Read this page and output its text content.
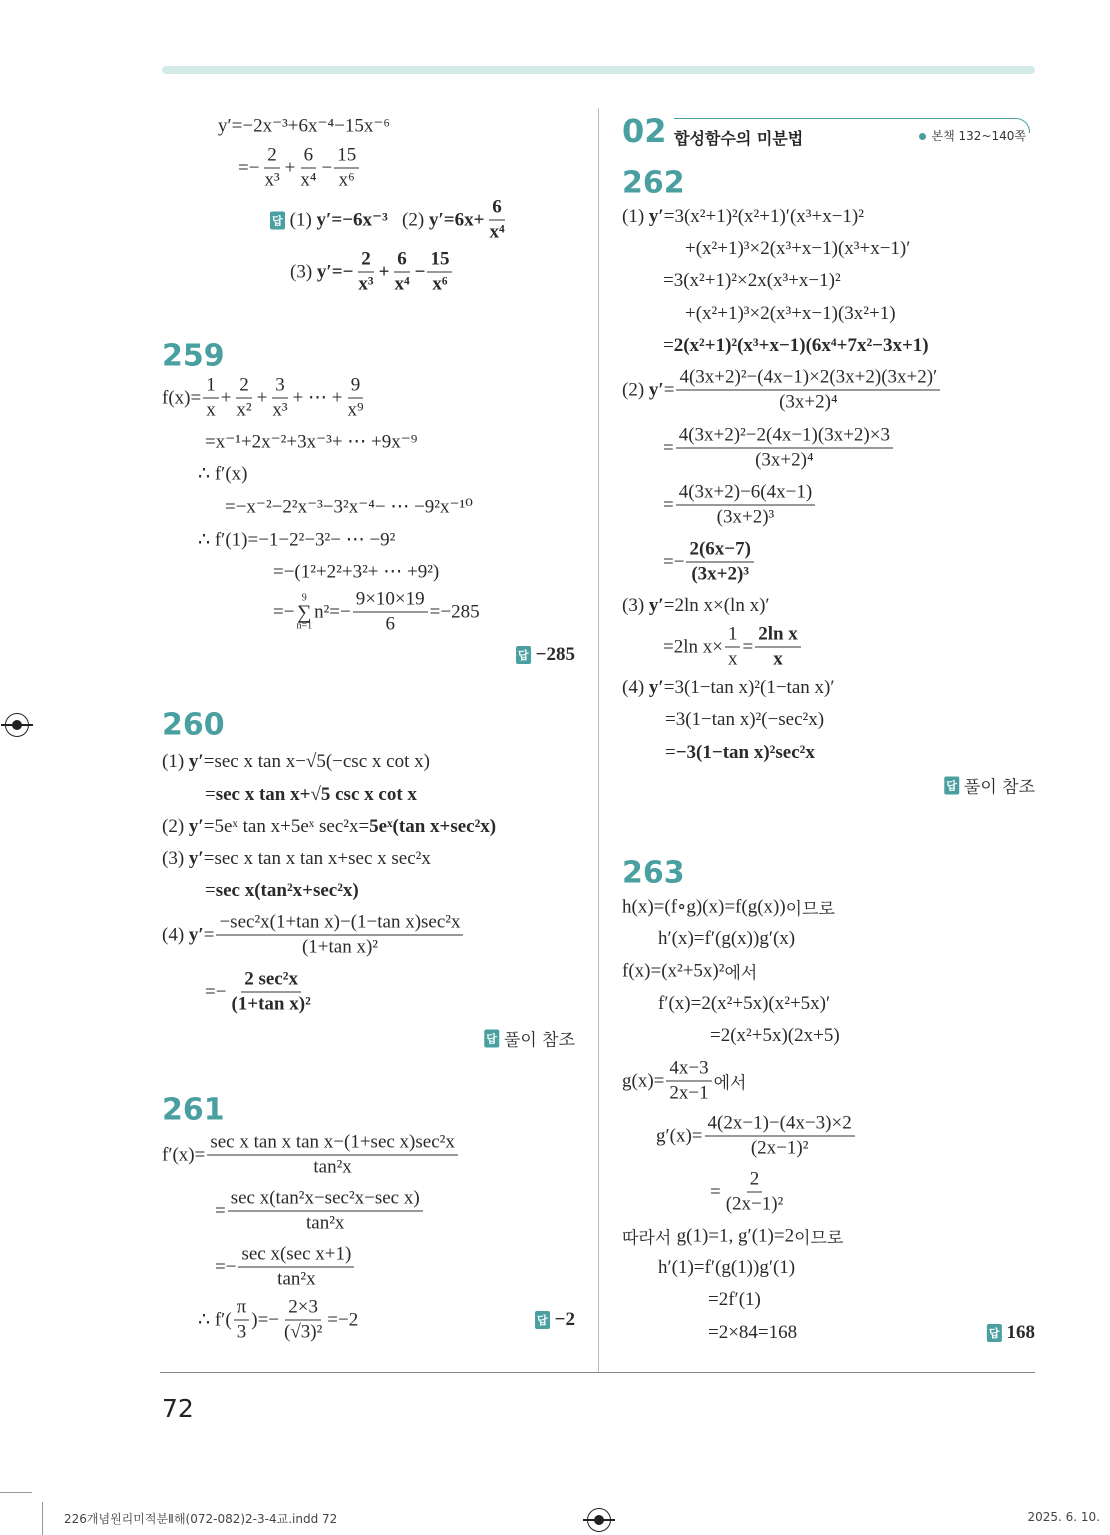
02 합성함수의 미분법	본책 132~140쪽
259
260
261
262
263
y′=−2x⁻³+6x⁻⁴−15x⁻⁶
=− $\frac{2}{\text{x³}} + \frac{6}{\text{x⁴}} - \frac{15}{\text{x⁶}}$
답 (1) y′=−6x⁻³ (2) $y'=6x+ \frac{6}{\text{x⁴}}$
(3) $y'=- \frac{2}{\text{x³}} + \frac{6}{\text{x⁴}} - \frac{15}{\text{x⁶}}$
$f(x)= \frac{1}{x} + \frac{2}{\text{x²}} + \frac{3}{\text{x³}}$ + ⋯ + $\frac{9}{\text{x⁹}}$
=x⁻¹+2x⁻²+3x⁻³+ ⋯ +9x⁻⁹
∴ f′(x)
=−x⁻²−2²x⁻³−3²x⁻⁴− ⋯ −9²x⁻¹⁰
∴ f′(1)=−1−2²−3²− ⋯ −9²
=−(1²+2²+3²+ ⋯ +9²)
=−
9
∑
n=1
$n^2=- \frac{9\times 10\times 19}{6} =-285$
답 −285
(1) y′ =sec x tan x−√5(−csc x cot x)
= sec x tan x+√5 csc x cot x
(2) y′ =5eˣ tan x+5eˣ sec²x= 5eˣ(tan x+sec²x)
(3) y′ =sec x tan x tan x+sec x sec²x
= sec x(tan²x+sec²x)
(4) $y' = \frac{\text{−sec²x(1+tan x)−(1−tan x)sec²x}}{\text{(1+tan x)²}}$
=− $\frac{\text{2 sec²x}}{\text{(1+tan x)²}}$
답 풀이 참조
$f'(x)= \frac{\text{sec x tan x tan x−(1+sec x)sec²x}}{\text{tan²x}}$
= $\frac{\text{sec x(tan²x−sec²x−sec x)}}{\text{tan²x}}$
=− $\frac{\text{sec x(sec x+1)}}{\text{tan²x}}$
∴ $f'( \frac{\pi}{3}$ )=− $\frac{2\times 3}{\text{(√3)²}} =-2$	답 −2
(1) y′ =3(x²+1)²(x²+1)′(x³+x−1)²
+(x²+1)³×2(x³+x−1)(x³+x−1)′
=3(x²+1)²×2x(x³+x−1)²
+(x²+1)³×2(x³+x−1)(3x²+1)
= 2(x²+1)²(x³+x−1)(6x⁴+7x²−3x+1)
(2) $y' = \frac{\text{4(3x+2)²−(4x−1)×2(3x+2)(3x+2)′}}{\text{(3x+2)⁴}}$
= $\frac{\text{4(3x+2)²−2(4x−1)(3x+2)×3}}{\text{(3x+2)⁴}}$
= $\frac{4(3x+2)-6(4x-1)}{\text{(3x+2)³}}$
=− $\frac{2(6x-7)}{\text{(3x+2)³}}$
(3) y′ =2ln x×(ln x)′
=2ln $x\times \frac{1}{x} = \frac{\text{2ln x}}{x}$
(4) y′ =3(1−tan x)²(1−tan x)′
=3(1−tan x)²(−sec²x)
= −3(1−tan x)²sec²x
답 풀이 참조
h(x)=(f∘g)(x)=f(g(x)) 이므로
h′(x)=f′(g(x))g′(x)
f(x)=(x²+5x)² 에서
f′(x)=2(x²+5x)(x²+5x)′
=2(x²+5x)(2x+5)
$g(x)= \frac{4x-3}{2x-1}$ 에서
$g'(x)= \frac{4(2x-1)-(4x-3)\times 2}{\text{(2x−1)²}}$
= $\frac{2}{\text{(2x−1)²}}$
따라서 g(1)=1, g′(1)=2 이므로
h′(1)=f′(g(1))g′(1)
=2f′(1)
=2×84=168	답 168
72
226개념원리미적분Ⅱ해(072-082)2-3-4교.indd 72	2025. 6. 10.
